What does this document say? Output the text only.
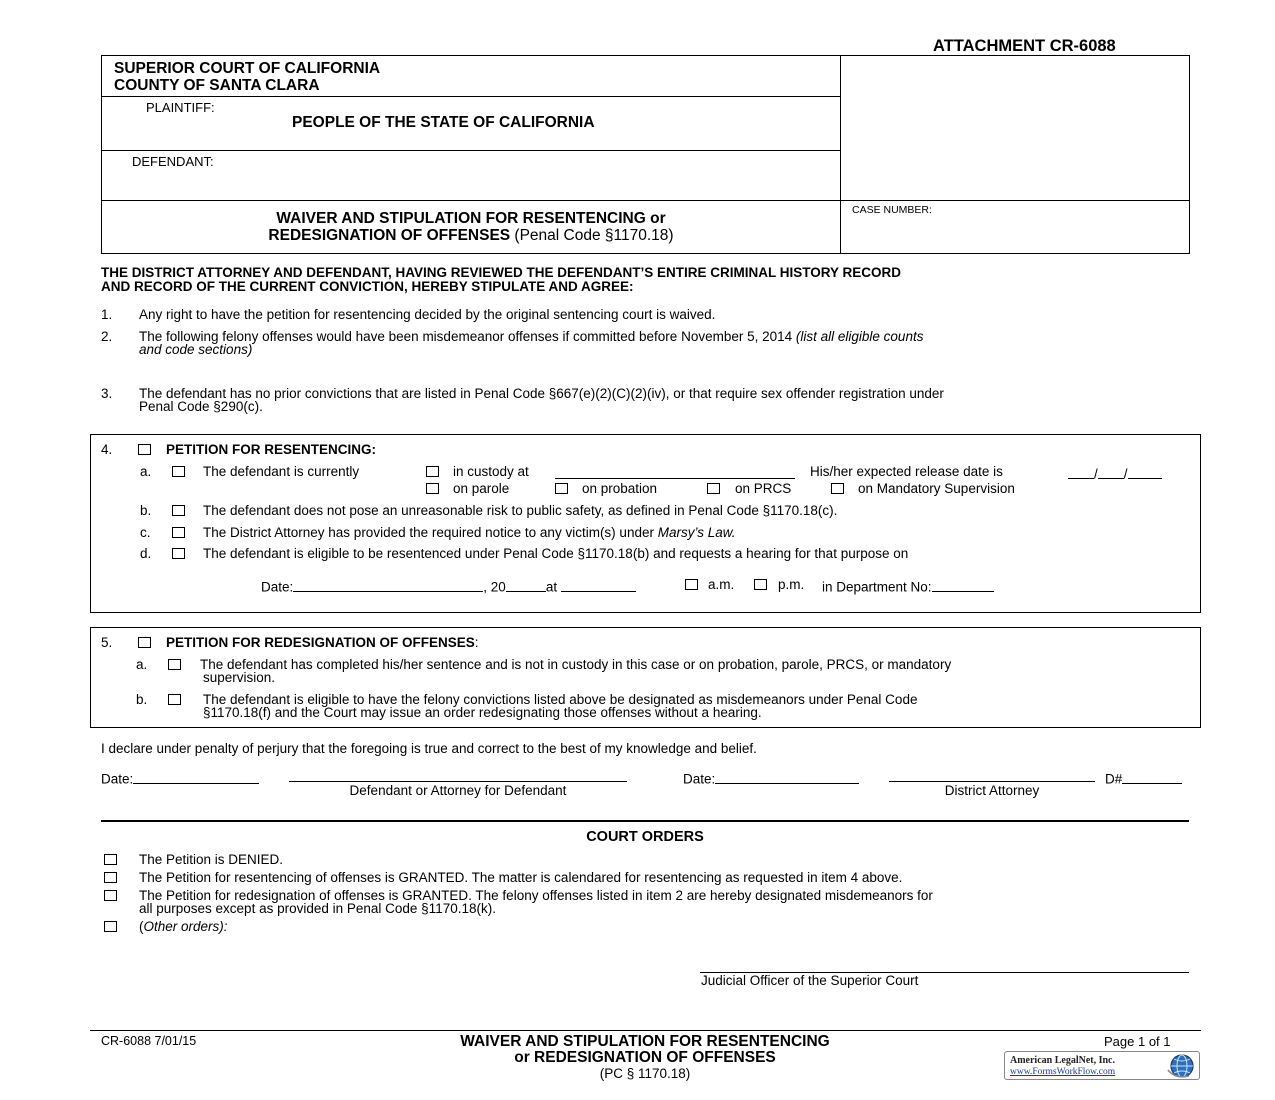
ATTACHMENT CR-6088
SUPERIOR COURT OF CALIFORNIA
COUNTY OF SANTA CLARA
PLAINTIFF:
PEOPLE OF THE STATE OF CALIFORNIA
DEFENDANT:
CASE NUMBER:
WAIVER AND STIPULATION FOR RESENTENCING or
REDESIGNATION OF OFFENSES (Penal Code §1170.18)
THE DISTRICT ATTORNEY AND DEFENDANT, HAVING REVIEWED THE DEFENDANT’S ENTIRE CRIMINAL HISTORY RECORD
AND RECORD OF THE CURRENT CONVICTION, HEREBY STIPULATE AND AGREE:
1. Any right to have the petition for resentencing decided by the original sentencing court is waived.
2. The following felony offenses would have been misdemeanor offenses if committed before November 5, 2014 (list all eligible counts
and code sections)
3. The defendant has no prior convictions that are listed in Penal Code §667(e)(2)(C)(2)(iv), or that require sex offender registration under
Penal Code §290(c).
4.	PETITION FOR RESENTENCING:
a.	The defendant is currently	in custody at	His/her expected release date is	/ /
on parole	on probation	on PRCS	on Mandatory Supervision
b.	The defendant does not pose an unreasonable risk to public safety, as defined in Penal Code §1170.18(c).
c.	The District Attorney has provided the required notice to any victim(s) under Marsy’s Law.
d.	The defendant is eligible to be resentenced under Penal Code §1170.18(b) and requests a hearing for that purpose on
Date:	, 20	at	a.m.	p.m. in Department No:
5.	PETITION FOR REDESIGNATION OF OFFENSES:
a.	The defendant has completed his/her sentence and is not in custody in this case or on probation, parole, PRCS, or mandatory
supervision.
b.	The defendant is eligible to have the felony convictions listed above be designated as misdemeanors under Penal Code
§1170.18(f) and the Court may issue an order redesignating those offenses without a hearing.
I declare under penalty of perjury that the foregoing is true and correct to the best of my knowledge and belief.
Date:
Defendant or Attorney for Defendant
Date:
District Attorney
D#
COURT ORDERS
The Petition is DENIED.
The Petition for resentencing of offenses is GRANTED. The matter is calendared for resentencing as requested in item 4 above.
The Petition for redesignation of offenses is GRANTED. The felony offenses listed in item 2 are hereby designated misdemeanors for
all purposes except as provided in Penal Code §1170.18(k).
(Other orders):
Judicial Officer of the Superior Court
CR-6088 7/01/15	WAIVER AND STIPULATION FOR RESENTENCING
or REDESIGNATION OF OFFENSES
(PC § 1170.18)
Page 1 of 1
American LegalNet, Inc.
www.FormsWorkFlow.com
